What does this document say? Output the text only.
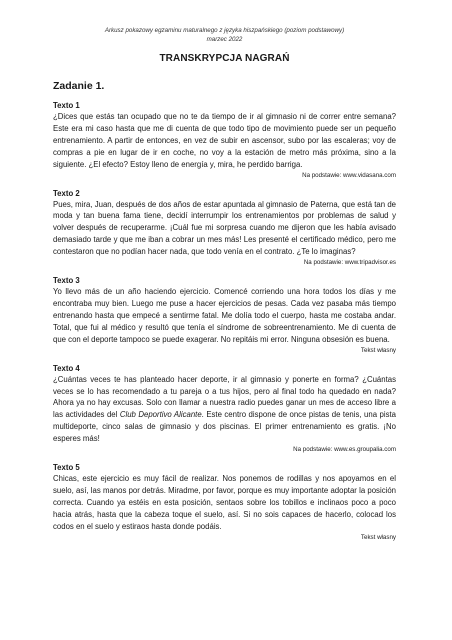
Arkusz pokazowy egzaminu maturalnego z języka hiszpańskiego (poziom podstawowy)
marzec 2022
TRANSKRYPCJA NAGRAŃ
Zadanie 1.
Texto 1
¿Dices que estás tan ocupado que no te da tiempo de ir al gimnasio ni de correr entre semana? Este era mi caso hasta que me di cuenta de que todo tipo de movimiento puede ser un pequeño entrenamiento. A partir de entonces, en vez de subir en ascensor, subo por las escaleras; voy de compras a pie en lugar de ir en coche, no voy a la estación de metro más próxima, sino a la siguiente. ¿El efecto? Estoy lleno de energía y, mira, he perdido barriga.
Na podstawie: www.vidasana.com
Texto 2
Pues, mira, Juan, después de dos años de estar apuntada al gimnasio de Paterna, que está tan de moda y tan buena fama tiene, decidí interrumpir los entrenamientos por problemas de salud y volver después de recuperarme. ¡Cuál fue mi sorpresa cuando me dijeron que les había avisado demasiado tarde y que me iban a cobrar un mes más! Les presenté el certificado médico, pero me contestaron que no podían hacer nada, que todo venía en el contrato. ¿Te lo imaginas?
Na podstawie: www.tripadvisor.es
Texto 3
Yo llevo más de un año haciendo ejercicio. Comencé corriendo una hora todos los días y me encontraba muy bien. Luego me puse a hacer ejercicios de pesas. Cada vez pasaba más tiempo entrenando hasta que empecé a sentirme fatal. Me dolía todo el cuerpo, hasta me costaba andar. Total, que fui al médico y resultó que tenía el síndrome de sobreentrenamiento. Me di cuenta de que con el deporte tampoco se puede exagerar. No repitáis mi error. Ninguna obsesión es buena.
Tekst własny
Texto 4
¿Cuántas veces te has planteado hacer deporte, ir al gimnasio y ponerte en forma? ¿Cuántas veces se lo has recomendado a tu pareja o a tus hijos, pero al final todo ha quedado en nada? Ahora ya no hay excusas. Solo con llamar a nuestra radio puedes ganar un mes de acceso libre a las actividades del Club Deportivo Alicante. Este centro dispone de once pistas de tenis, una pista multideporte, cinco salas de gimnasio y dos piscinas. El primer entrenamiento es gratis. ¡No esperes más!
Na podstawie: www.es.groupalia.com
Texto 5
Chicas, este ejercicio es muy fácil de realizar. Nos ponemos de rodillas y nos apoyamos en el suelo, así, las manos por detrás. Miradme, por favor, porque es muy importante adoptar la posición correcta. Cuando ya estéis en esta posición, sentaos sobre los tobillos e inclinaos poco a poco hacia atrás, hasta que la cabeza toque el suelo, así. Si no sois capaces de hacerlo, colocad los codos en el suelo y estiraos hasta donde podáis.
Tekst własny
